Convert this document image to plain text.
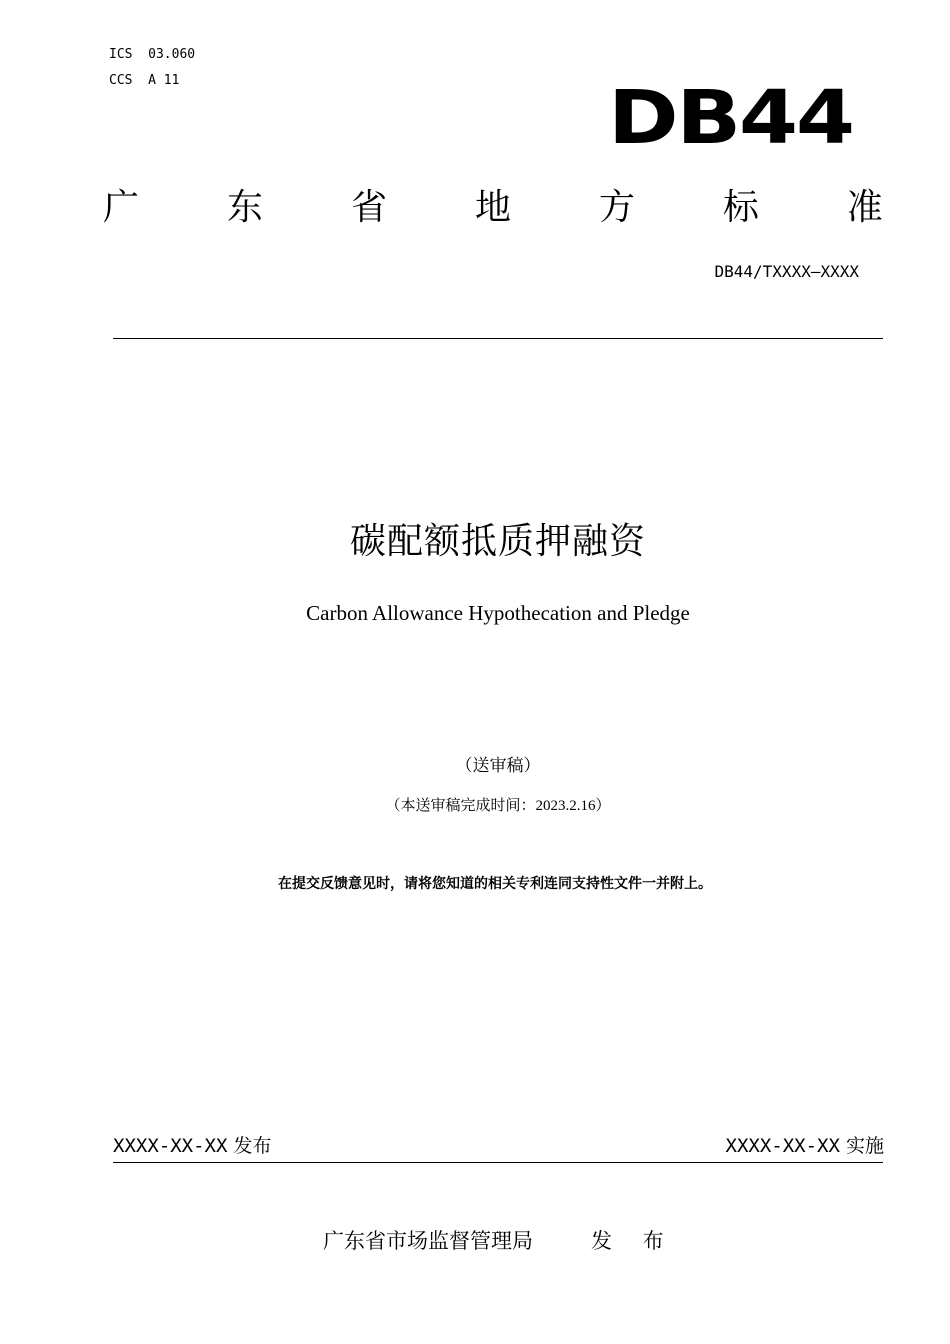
ICS  03.060
CCS  A 11	DB44
广 东 省 地 方 标 准
DB44/TXXXX—XXXX
碳配额抵质押融资
Carbon Allowance Hypothecation and Pledge
（送审稿）
（本送审稿完成时间：2023.2.16）
在提交反馈意见时，请将您知道的相关专利连同支持性文件一并附上。
XXXX-XX-XX 发布	XXXX-XX-XX 实施
广东省市场监督管理局	发 布
